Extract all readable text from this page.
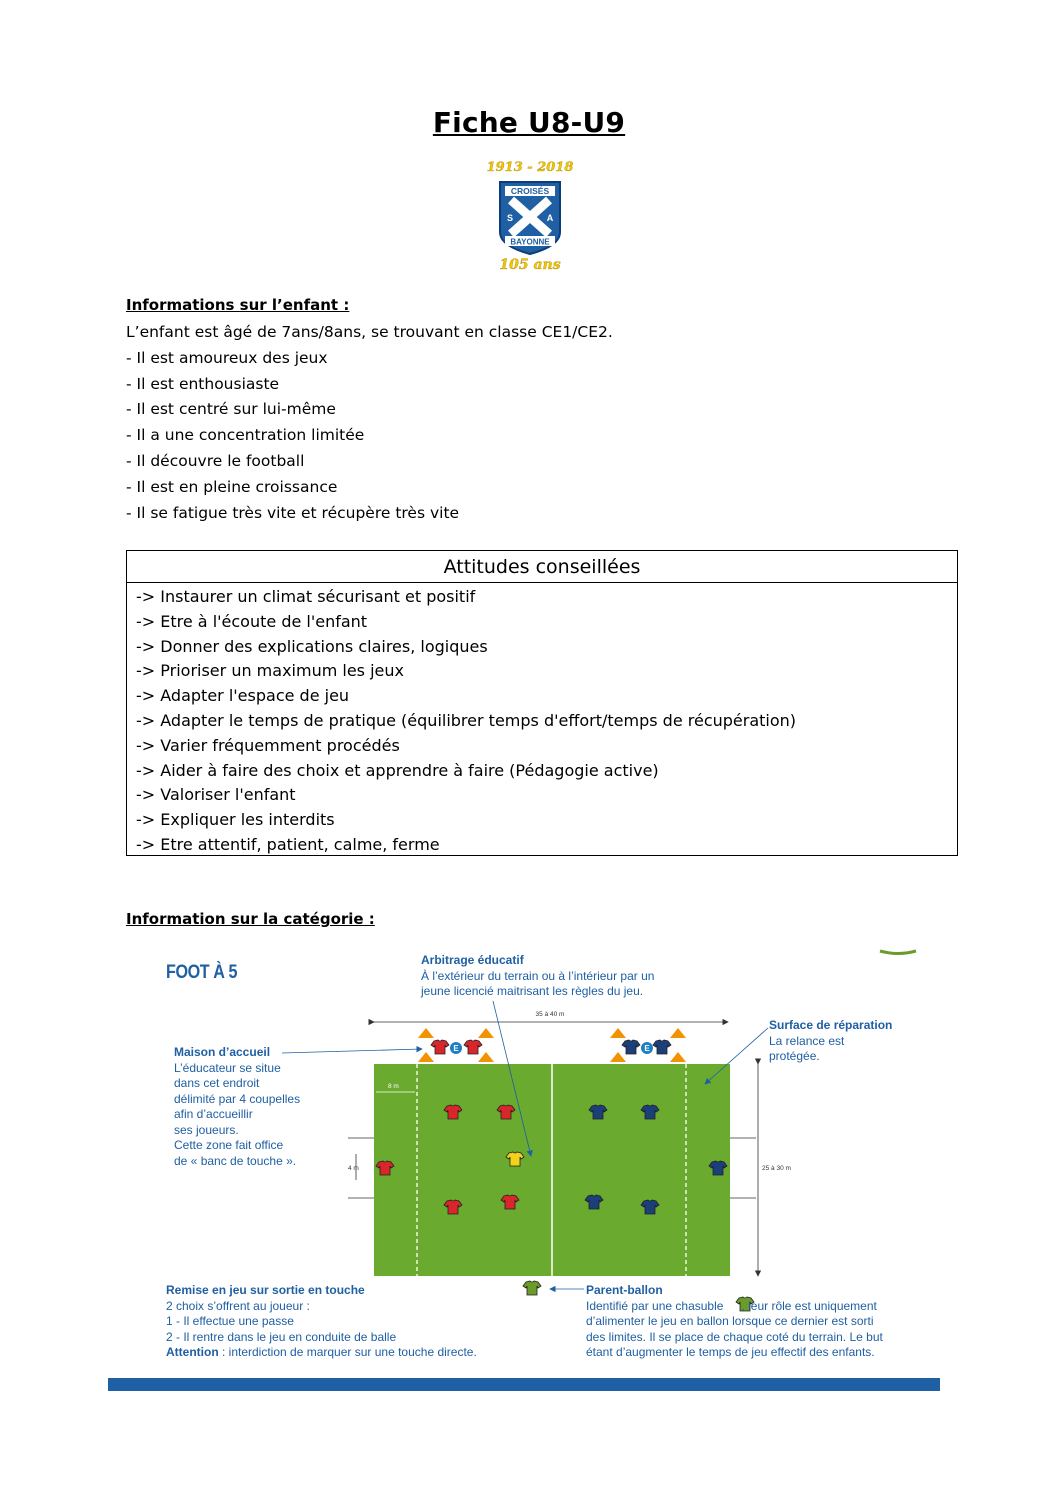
Fiche U8-U9
1913 - 2018
CROISÉS
S	A
BAYONNE
105 ans
Informations sur l’enfant :
L’enfant est âgé de 7ans/8ans, se trouvant en classe CE1/CE2.
- Il est amoureux des jeux
- Il est enthousiaste
- Il est centré sur lui-même
- Il a une concentration limitée
- Il découvre le football
- Il est en pleine croissance
- Il se fatigue très vite et récupère très vite
Attitudes conseillées
-> Instaurer un climat sécurisant et positif
-> Etre à l'écoute de l'enfant
-> Donner des explications claires, logiques
-> Prioriser un maximum les jeux
-> Adapter l'espace de jeu
-> Adapter le temps de pratique (équilibrer temps d'effort/temps de récupération)
-> Varier fréquemment procédés
-> Aider à faire des choix et apprendre à faire (Pédagogie active)
-> Valoriser l'enfant
-> Expliquer les interdits
-> Etre attentif, patient, calme, ferme
Information sur la catégorie :
FOOT À 5
35 à 40 m
25 à 30 m
8 m
4 m
E	E
Arbitrage éducatif
À l’extérieur du terrain ou à l’intérieur par un
jeune licencié maitrisant les règles du jeu.
Maison d’accueil
L’éducateur se situe
dans cet endroit
délimité par 4 coupelles
afin d’accueillir
ses joueurs.
Cette zone fait office
de « banc de touche ».
Surface de réparation
La relance est
protégée.
Remise en jeu sur sortie en touche
2 choix s’offrent au joueur :
1 - Il effectue une passe
2 - Il rentre dans le jeu en conduite de balle
Attention : interdiction de marquer sur une touche directe.
Parent-ballon
Identifié par une chasuble , leur rôle est uniquement
d’alimenter le jeu en ballon lorsque ce dernier est sorti
des limites. Il se place de chaque coté du terrain. Le but
étant d’augmenter le temps de jeu effectif des enfants.
